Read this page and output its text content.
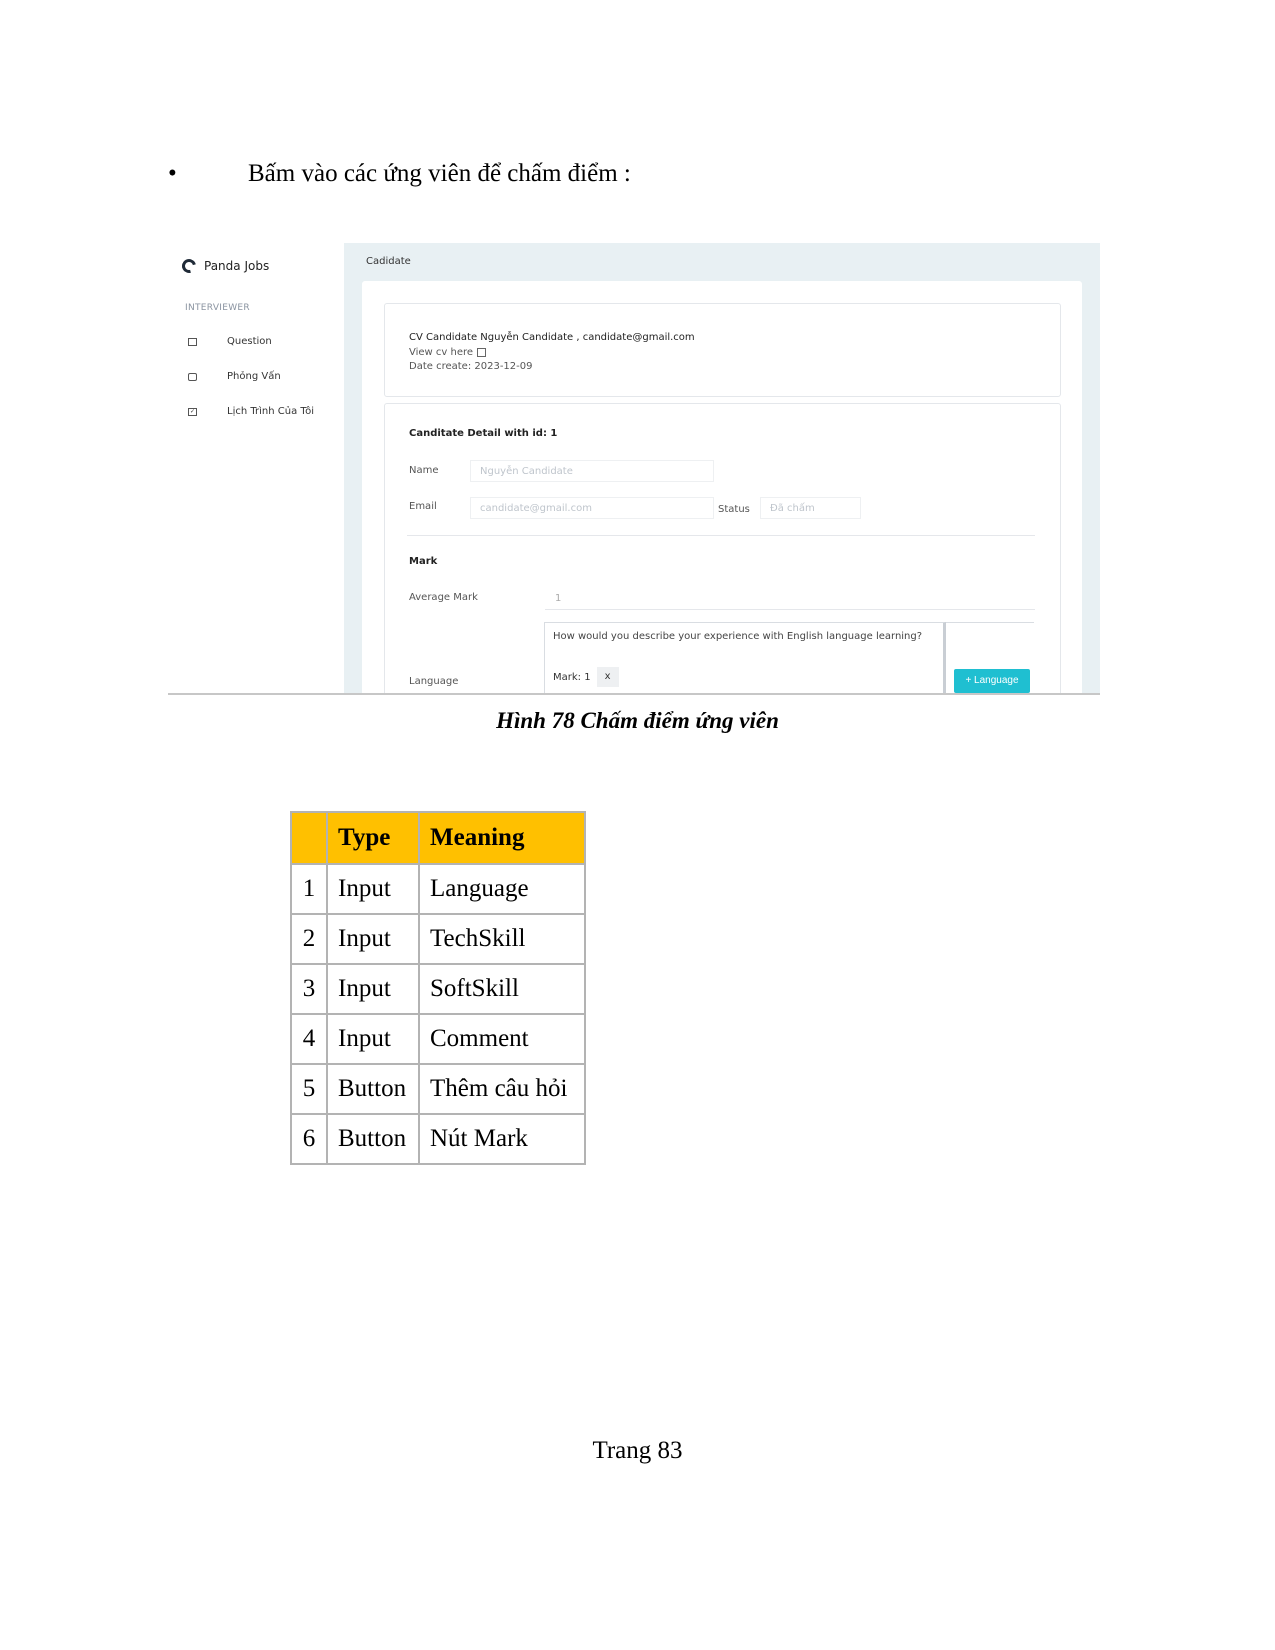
•	Bấm vào các ứng viên để chấm điểm :
Panda Jobs
INTERVIEWER
Question
Phỏng Vấn
✓	Lịch Trình Của Tôi
Cadidate
CV Candidate Nguyễn Candidate , candidate@gmail.com
View cv here
Date create: 2023-12-09
Canditate Detail with id: 1
Name	Nguyễn Candidate
Email	candidate@gmail.com	Status	Đã chấm
Mark
Average Mark	1
How would you describe your experience with English language learning?
Mark: 1	x
Language	+ Language
Hình 78 Chấm điểm ứng viên
	Type	Meaning
1	Input	Language
2	Input	TechSkill
3	Input	SoftSkill
4	Input	Comment
5	Button	Thêm câu hỏi
6	Button	Nút Mark
Trang 83
